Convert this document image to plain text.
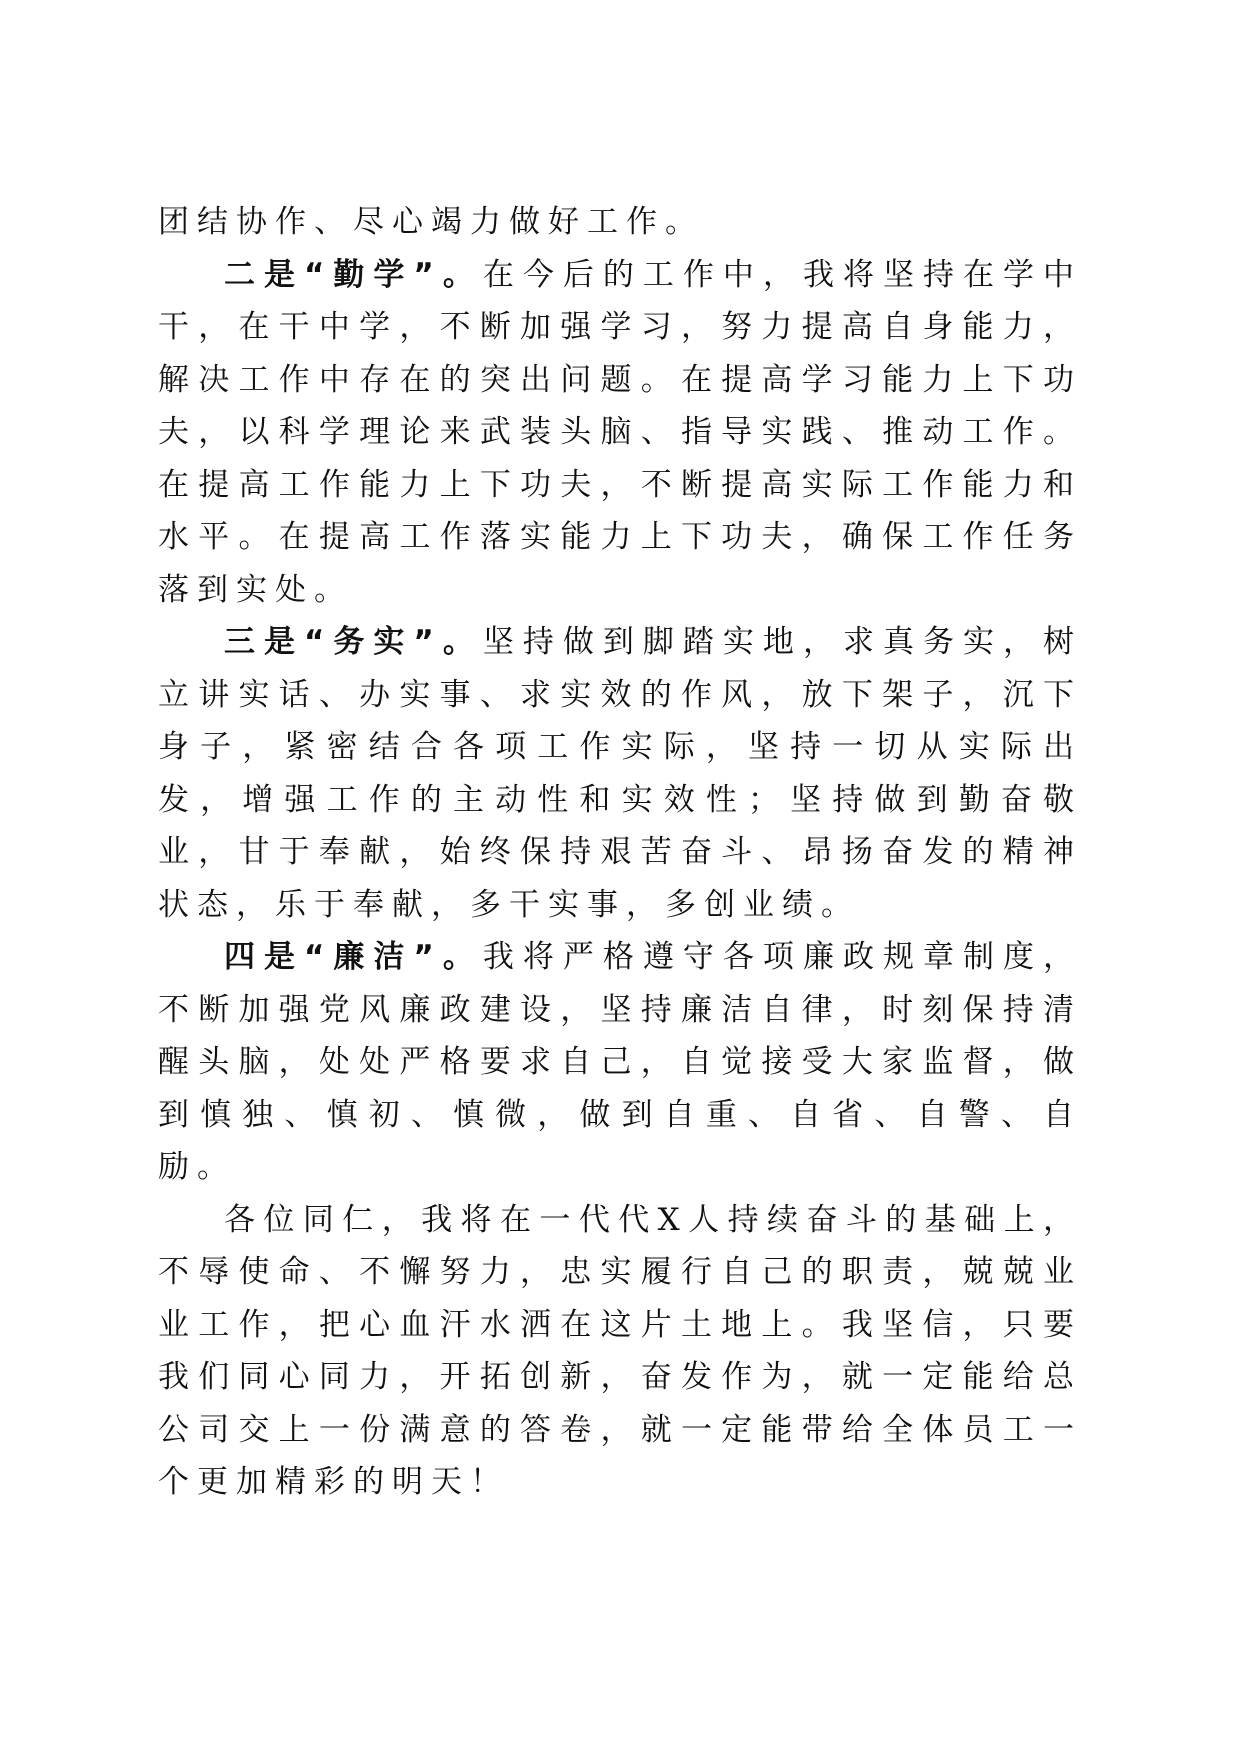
团结协作、尽心竭力做好工作。

二是“勤学”。在今后的工作中，我将坚持在学中干，在干中学，不断加强学习，努力提高自身能力，解决工作中存在的突出问题。在提高学习能力上下功夫，以科学理论来武装头脑、指导实践、推动工作。在提高工作能力上下功夫，不断提高实际工作能力和水平。在提高工作落实能力上下功夫，确保工作任务落到实处。

三是“务实”。坚持做到脚踏实地，求真务实，树立讲实话、办实事、求实效的作风，放下架子，沉下身子，紧密结合各项工作实际，坚持一切从实际出发，增强工作的主动性和实效性；坚持做到勤奋敬业，甘于奉献，始终保持艰苦奋斗、昂扬奋发的精神状态，乐于奉献，多干实事，多创业绩。

四是“廉洁”。我将严格遵守各项廉政规章制度，不断加强党风廉政建设，坚持廉洁自律，时刻保持清醒头脑，处处严格要求自己，自觉接受大家监督，做到慎独、慎初、慎微，做到自重、自省、自警、自励。

各位同仁，我将在一代代X人持续奋斗的基础上，不辱使命、不懈努力，忠实履行自己的职责，兢兢业业工作，把心血汗水洒在这片土地上。我坚信，只要我们同心同力，开拓创新，奋发作为，就一定能给总公司交上一份满意的答卷，就一定能带给全体员工一个更加精彩的明天！
